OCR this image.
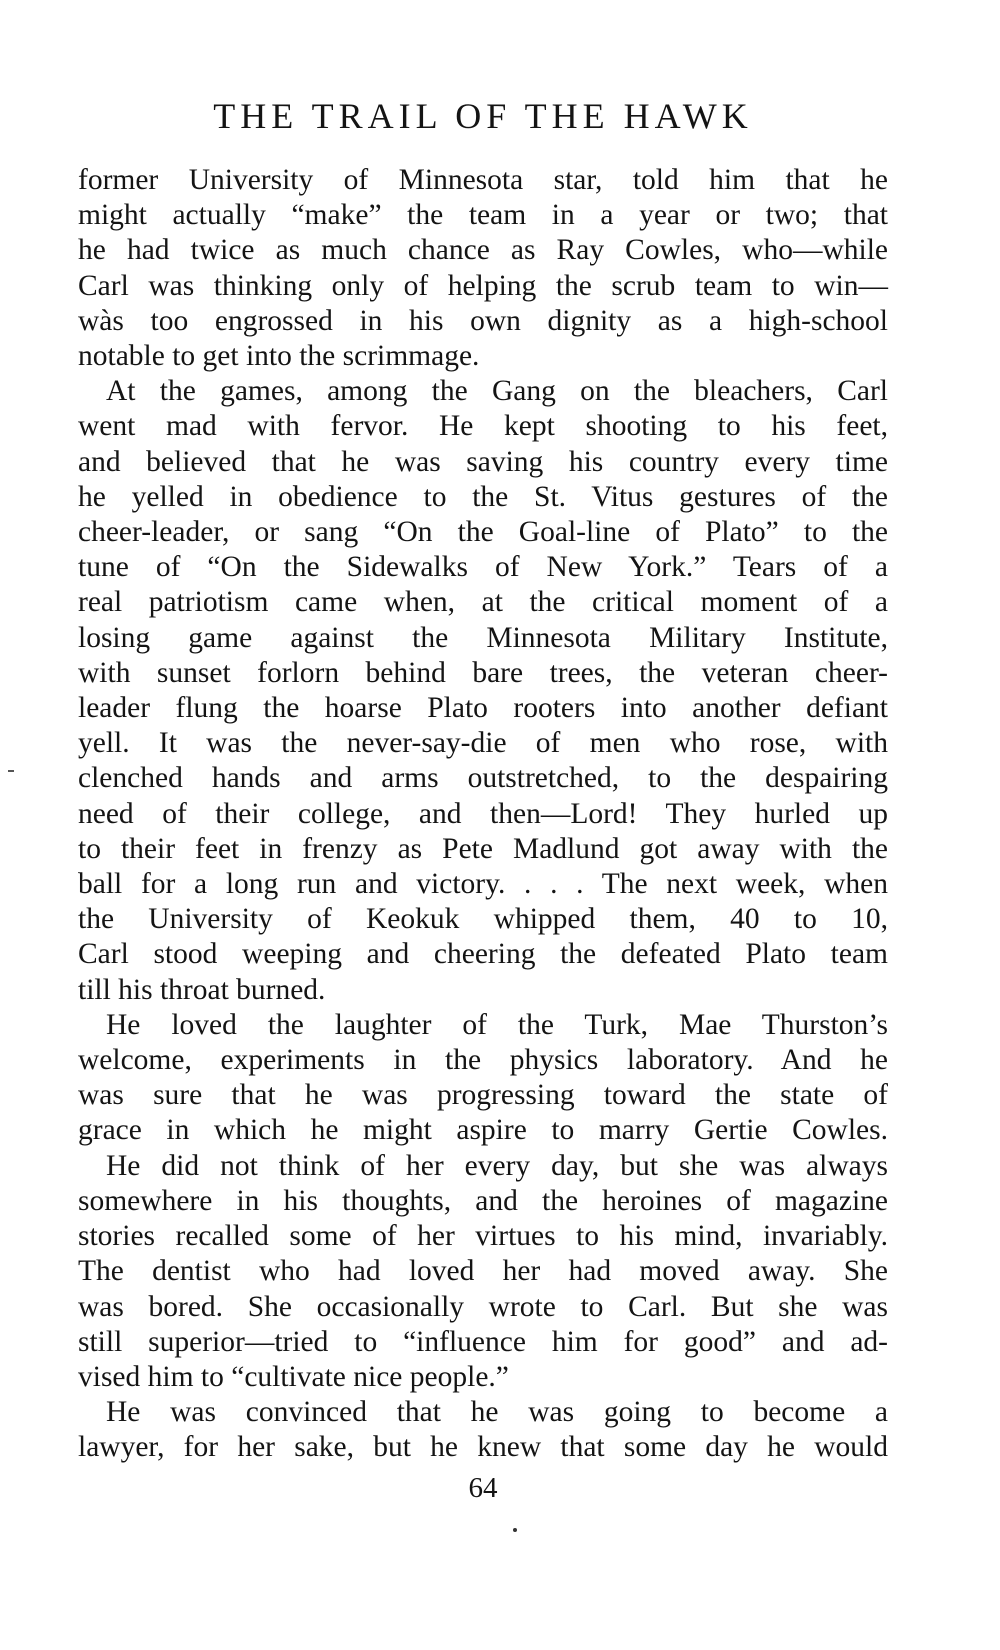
THE TRAIL OF THE HAWK

former University of Minnesota star, told him that he
might actually “make” the team in a year or two; that
he had twice as much chance as Ray Cowles, who—while
Carl was thinking only of helping the scrub team to win—
wàs too engrossed in his own dignity as a high-school
notable to get into the scrimmage.

At the games, among the Gang on the bleachers, Carl
went mad with fervor. He kept shooting to his feet,
and believed that he was saving his country every time
he yelled in obedience to the St. Vitus gestures of the
cheer-leader, or sang “On the Goal-line of Plato” to the
tune of “On the Sidewalks of New York.” Tears of a
real patriotism came when, at the critical moment of a
losing game against the Minnesota Military Institute,
with sunset forlorn behind bare trees, the veteran cheer-
leader flung the hoarse Plato rooters into another defiant
yell. It was the never-say-die of men who rose, with
clenched hands and arms outstretched, to the despairing
need of their college, and then—Lord! They hurled up
to their feet in frenzy as Pete Madlund got away with the
ball for a long run and victory. . . . The next week, when
the University of Keokuk whipped them, 40 to 10,
Carl stood weeping and cheering the defeated Plato team
till his throat burned.

He loved the laughter of the Turk, Mae Thurston’s
welcome, experiments in the physics laboratory. And he
was sure that he was progressing toward the state of
grace in which he might aspire to marry Gertie Cowles.

He did not think of her every day, but she was always
somewhere in his thoughts, and the heroines of magazine
stories recalled some of her virtues to his mind, invariably.
The dentist who had loved her had moved away. She
was bored. She occasionally wrote to Carl. But she was
still superior—tried to “influence him for good” and ad-
vised him to “cultivate nice people.”

He was convinced that he was going to become a
lawyer, for her sake, but he knew that some day he would

64
